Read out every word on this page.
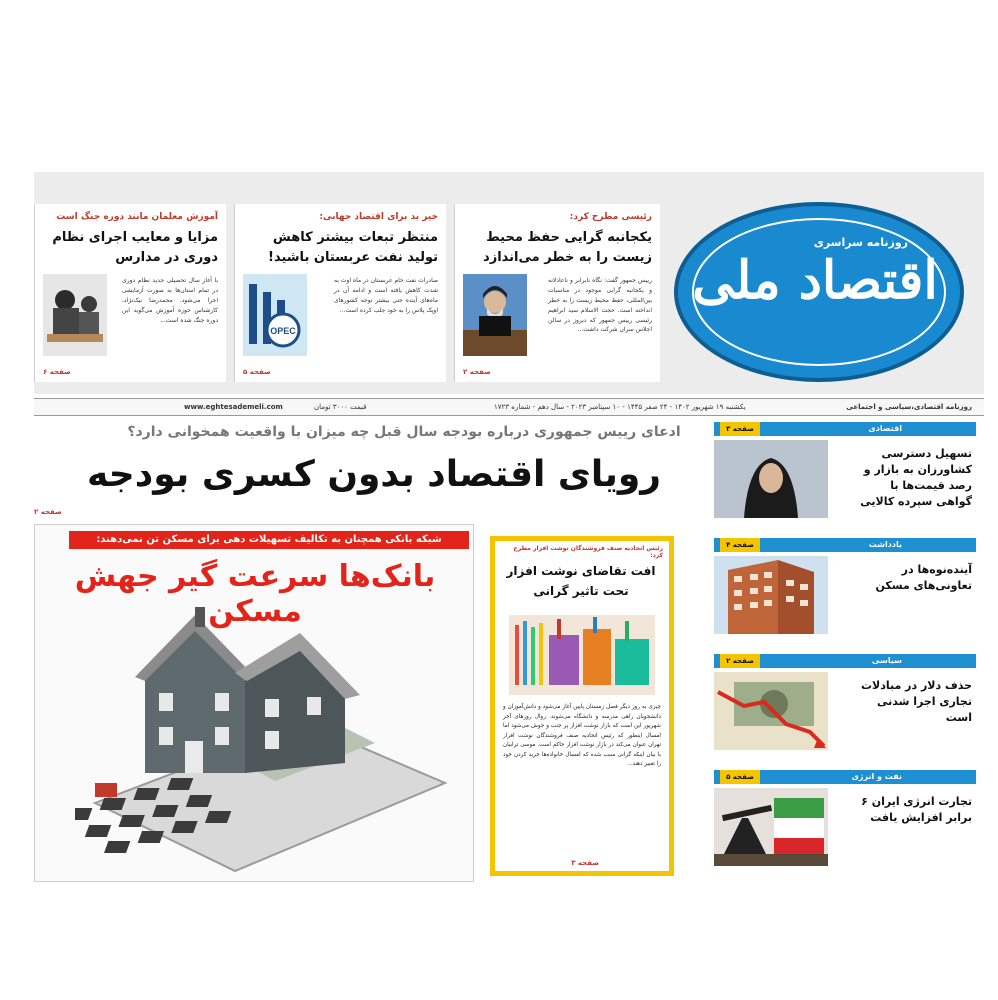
رئیسی مطرح کرد:
یکجانبه گرایی حفظ محیط زیست را به خطر می‌اندازد
رییس جمهور گفت: نگاه نابرابر و ناعادلانه و یکجانبه گرایی موجود در مناسبات بین‌المللی، حفظ محیط زیست را به خطر انداخته است. حجت الاسلام سید ابراهیم رئیسی رییس جمهور که دیروز در سالن اجلاس سران شرکت داشت...
صفحه ۲
خیر بد برای اقتصاد جهانی:
منتظر تبعات بیشتر کاهش تولید نفت عربستان باشید!
صادرات نفت خام عربستان در ماه اوت به شدت کاهش یافته است و ادامه آن در ماه‌های آینده حتی بیشتر توجه کشورهای اوپک پلاس را به خود جلب کرده است...
OPEC
صفحه ۵
آموزش معلمان مانند دوره جنگ است
مزایا و معایب اجرای نظام دوری در مدارس
با آغاز سال تحصیلی جدید نظام دوری در تمام استان‌ها به صورت آزمایشی اجرا می‌شود. محمدرضا نیک‌نژاد، کارشناس حوزه آموزش می‌گوید این دوره جنگ شده است...
صفحه ۶
روزنامه سراسری
اقتصاد ملی
www.eghtesademeli.com	قیمت ۳۰۰۰ تومان	یکشنبه ۱۹ شهریور ۱۴۰۲ - ۲۴ صفر ۱۴۴۵ - ۱۰ سپتامبر ۲۰۲۳ - سال دهم - شماره ۱۷۲۳	روزنامه اقتصادی،سیاسی و اجتماعی
ادعای رییس جمهوری درباره بودجه سال قبل چه میزان با واقعیت همخوانی دارد؟
رویای اقتصاد بدون کسری بودجه
صفحه ۲
شبکه بانکی همچنان به تکالیف تسهیلات دهی برای مسکن تن نمی‌دهند:
بانک‌ها سرعت گیر جهش مسکن
رئیس اتحادیه صنف فروشندگان نوشت افزار مطرح کرد:
افت تقاضای نوشت افزار تحت تاثیر گرانی
چیزی به روز دیگر فصل زمستان پایین آغاز می‌شود و دانش‌آموزان و دانشجویان راهی مدرسه و دانشگاه می‌شوند. روال روزهای آخر شهریور این است که بازار نوشت افزار پر جنب و جوش می‌شود اما امسال اینطور که رئیس اتحادیه صنف فروشندگان نوشت افزار تهران عنوان می‌کند در بازار نوشت افزار حاکم است. موسی ترابیان با بیان اینکه گرانی سبب شده که امسال خانواده‌ها خرید کردن خود را تغییر دهند...
صفحه ۳
اقتصادی
صفحه ۳
تسهیل دسترسی کشاورزان به بازار و رصد قیمت‌ها با گواهی سپرده کالایی
یادداشت
صفحه ۴
آینده‌نوه‌ها در تعاونی‌های مسکن
سیاسی
صفحه ۲
حذف دلار در مبادلات تجاری اجرا شدنی است
نفت و انرژی
صفحه ۵
تجارت انرژی ایران ۶ برابر افزایش یافت
